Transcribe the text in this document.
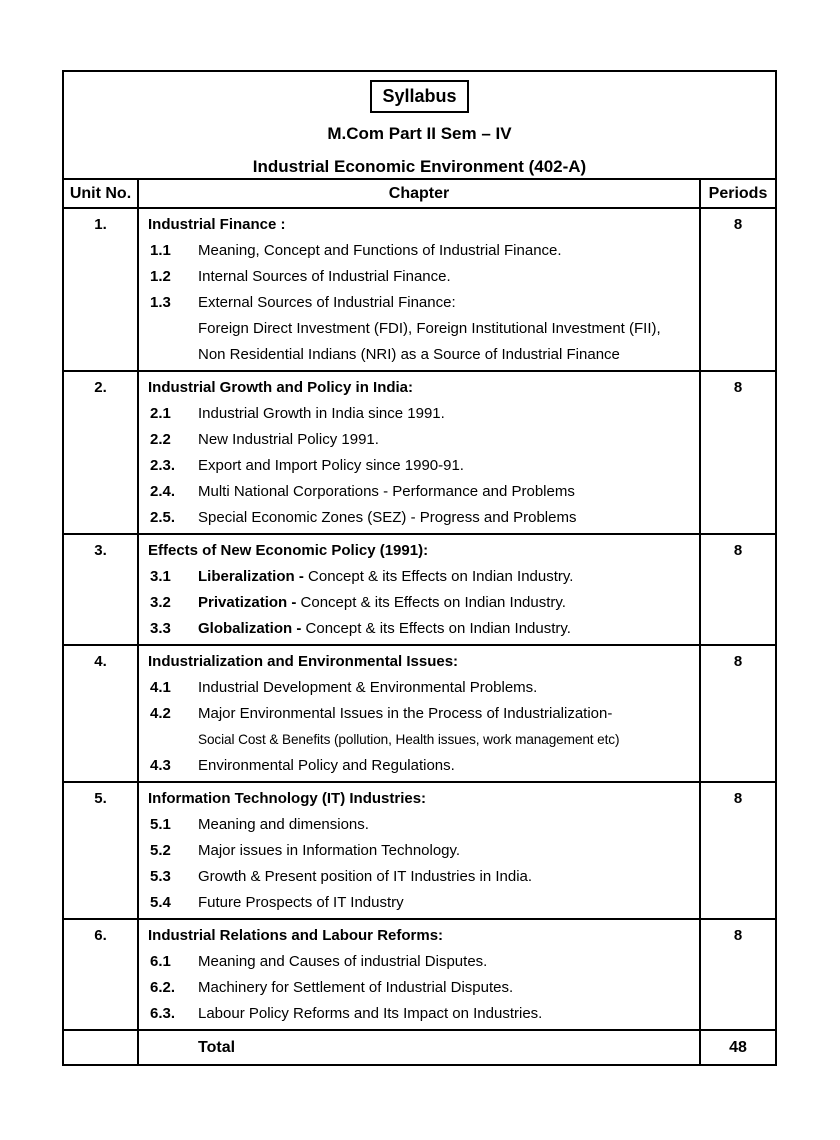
Syllabus
M.Com Part II Sem – IV
Industrial Economic Environment (402-A)
Unit No.	Chapter	Periods
1.	Industrial Finance :
1.1	Meaning, Concept and Functions of Industrial Finance.
1.2	Internal Sources of Industrial Finance.
1.3	External Sources of Industrial Finance:
Foreign Direct Investment (FDI), Foreign Institutional Investment (FII),
Non Residential Indians (NRI) as a Source of Industrial Finance
8
2.	Industrial Growth and Policy in India:
2.1	Industrial Growth in India since 1991.
2.2	New Industrial Policy 1991.
2.3.	Export and Import Policy since 1990-91.
2.4.	Multi National Corporations - Performance and Problems
2.5.	Special Economic Zones (SEZ) - Progress and Problems
8
3.	Effects of New Economic Policy (1991):
3.1	Liberalization - Concept & its Effects on Indian Industry.
3.2	Privatization - Concept & its Effects on Indian Industry.
3.3	Globalization - Concept & its Effects on Indian Industry.
8
4.	Industrialization and Environmental Issues:
4.1	Industrial Development & Environmental Problems.
4.2	Major Environmental Issues in the Process of Industrialization-
Social Cost & Benefits (pollution, Health issues, work management etc)
4.3	Environmental Policy and Regulations.
8
5.	Information Technology (IT) Industries:
5.1	Meaning and dimensions.
5.2	Major issues in Information Technology.
5.3	Growth & Present position of IT Industries in India.
5.4	Future Prospects of IT Industry
8
6.	Industrial Relations and Labour Reforms:
6.1	Meaning and Causes of industrial Disputes.
6.2.	Machinery for Settlement of Industrial Disputes.
6.3.	Labour Policy Reforms and Its Impact on Industries.
8
Total	48
